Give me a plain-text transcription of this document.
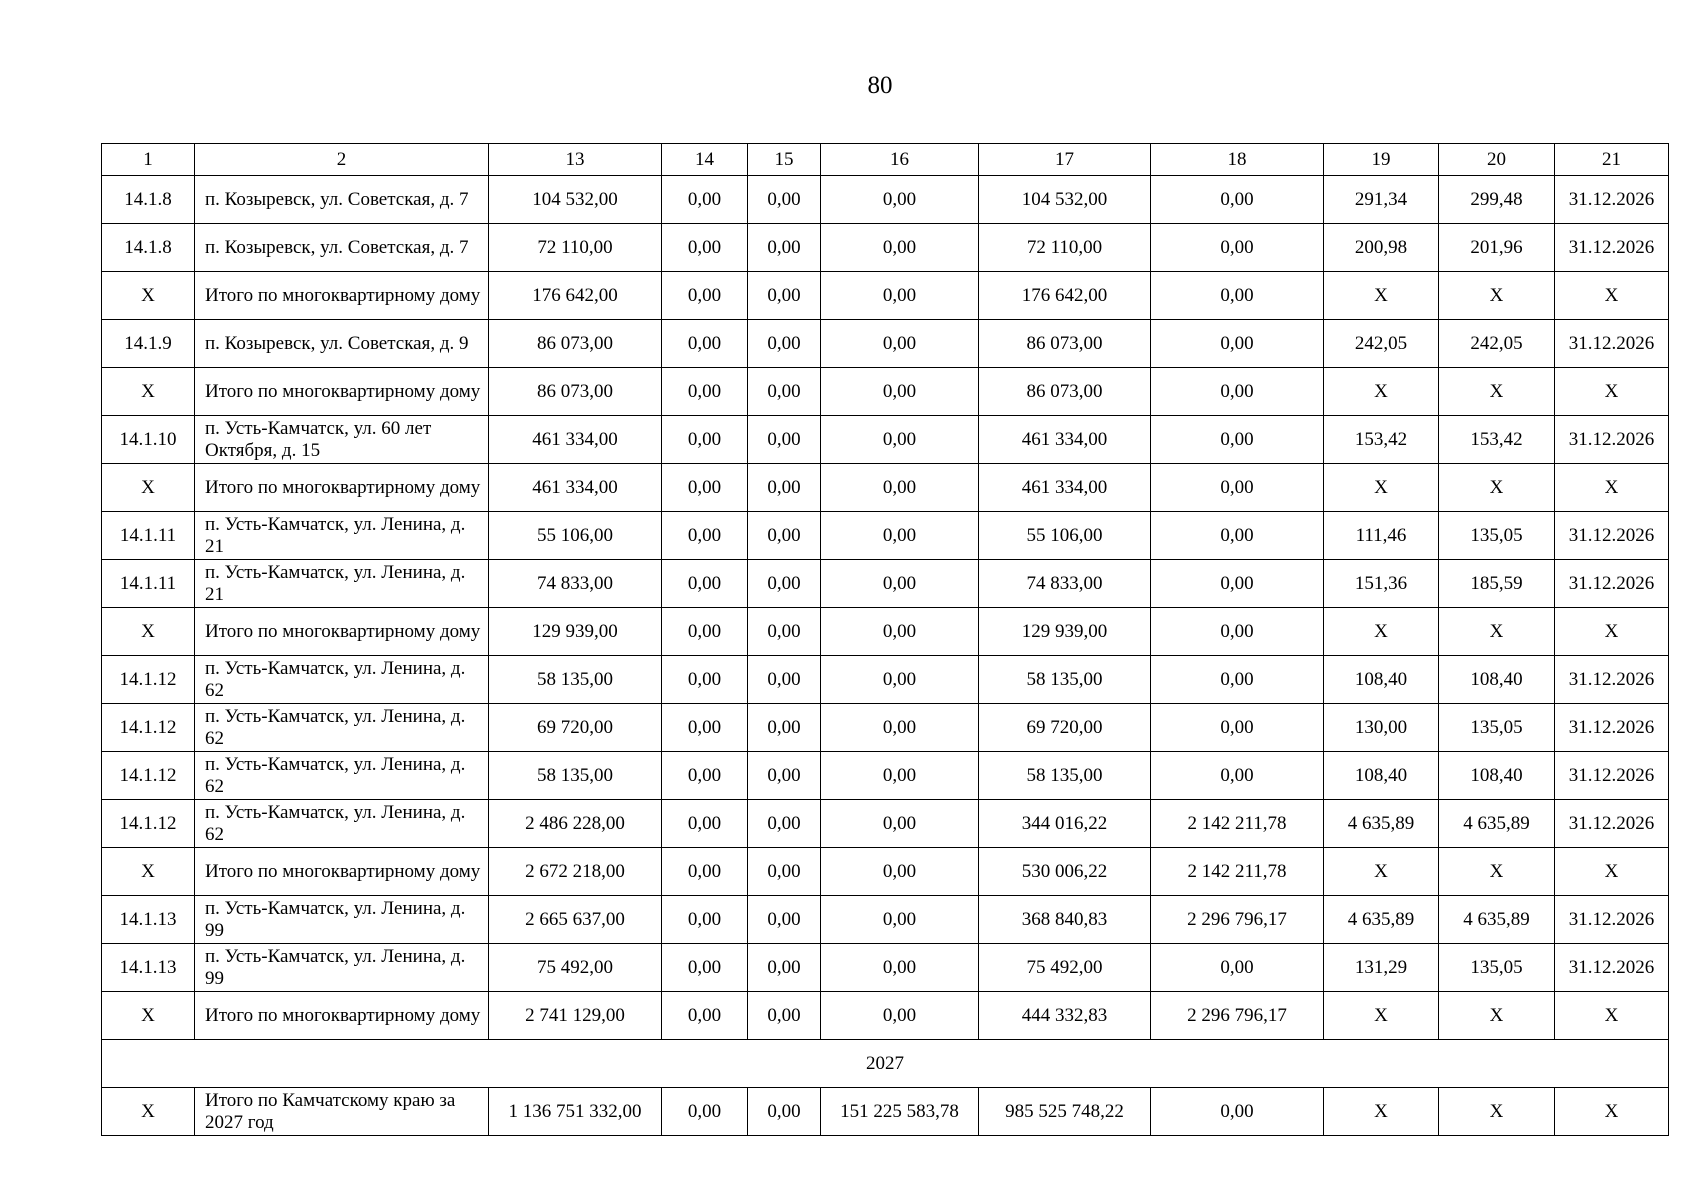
80
1	2	13	14	15	16	17	18	19	20	21
14.1.8	п. Козыревск, ул. Советская, д. 7	104 532,00	0,00	0,00	0,00	104 532,00	0,00	291,34	299,48	31.12.2026
14.1.8	п. Козыревск, ул. Советская, д. 7	72 110,00	0,00	0,00	0,00	72 110,00	0,00	200,98	201,96	31.12.2026
X	Итого по многоквартирному дому	176 642,00	0,00	0,00	0,00	176 642,00	0,00	X	X	X
14.1.9	п. Козыревск, ул. Советская, д. 9	86 073,00	0,00	0,00	0,00	86 073,00	0,00	242,05	242,05	31.12.2026
X	Итого по многоквартирному дому	86 073,00	0,00	0,00	0,00	86 073,00	0,00	X	X	X
14.1.10	п. Усть-Камчатск, ул. 60 лет Октября, д. 15	461 334,00	0,00	0,00	0,00	461 334,00	0,00	153,42	153,42	31.12.2026
X	Итого по многоквартирному дому	461 334,00	0,00	0,00	0,00	461 334,00	0,00	X	X	X
14.1.11	п. Усть-Камчатск, ул. Ленина, д. 21	55 106,00	0,00	0,00	0,00	55 106,00	0,00	111,46	135,05	31.12.2026
14.1.11	п. Усть-Камчатск, ул. Ленина, д. 21	74 833,00	0,00	0,00	0,00	74 833,00	0,00	151,36	185,59	31.12.2026
X	Итого по многоквартирному дому	129 939,00	0,00	0,00	0,00	129 939,00	0,00	X	X	X
14.1.12	п. Усть-Камчатск, ул. Ленина, д. 62	58 135,00	0,00	0,00	0,00	58 135,00	0,00	108,40	108,40	31.12.2026
14.1.12	п. Усть-Камчатск, ул. Ленина, д. 62	69 720,00	0,00	0,00	0,00	69 720,00	0,00	130,00	135,05	31.12.2026
14.1.12	п. Усть-Камчатск, ул. Ленина, д. 62	58 135,00	0,00	0,00	0,00	58 135,00	0,00	108,40	108,40	31.12.2026
14.1.12	п. Усть-Камчатск, ул. Ленина, д. 62	2 486 228,00	0,00	0,00	0,00	344 016,22	2 142 211,78	4 635,89	4 635,89	31.12.2026
X	Итого по многоквартирному дому	2 672 218,00	0,00	0,00	0,00	530 006,22	2 142 211,78	X	X	X
14.1.13	п. Усть-Камчатск, ул. Ленина, д. 99	2 665 637,00	0,00	0,00	0,00	368 840,83	2 296 796,17	4 635,89	4 635,89	31.12.2026
14.1.13	п. Усть-Камчатск, ул. Ленина, д. 99	75 492,00	0,00	0,00	0,00	75 492,00	0,00	131,29	135,05	31.12.2026
X	Итого по многоквартирному дому	2 741 129,00	0,00	0,00	0,00	444 332,83	2 296 796,17	X	X	X
2027										
X	Итого по Камчатскому краю за 2027 год	1 136 751 332,00	0,00	0,00	151 225 583,78	985 525 748,22	0,00	X	X	X
